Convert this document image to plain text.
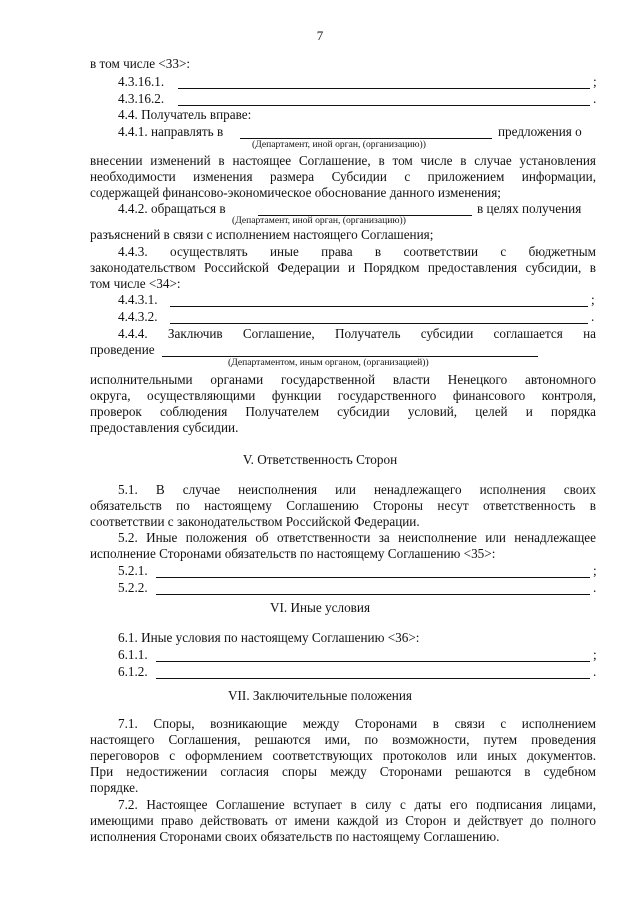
7
в том числе <33>:
4.3.16.1.	;
4.3.16.2.	.
4.4. Получатель вправе:
4.4.1. направлять в	предложения о
(Департамент, иной орган, (организацию))
внесении изменений в настоящее Соглашение, в том числе в случае установления
необходимости изменения размера Субсидии с приложением информации,
содержащей финансово-экономическое обоснование данного изменения;
4.4.2. обращаться в	в целях получения
(Департамент, иной орган, (организацию))
разъяснений в связи с исполнением настоящего Соглашения;
4.4.3. осуществлять иные права в соответствии с бюджетным
законодательством Российской Федерации и Порядком предоставления субсидии, в
том числе <34>:
4.4.3.1.	;
4.4.3.2.	.
4.4.4. Заключив Соглашение, Получатель субсидии соглашается на
проведение
(Департаментом, иным органом, (организацией))
исполнительными органами государственной власти Ненецкого автономного
округа, осуществляющими функции государственного финансового контроля,
проверок соблюдения Получателем субсидии условий, целей и порядка
предоставления субсидии.
V. Ответственность Сторон
5.1. В случае неисполнения или ненадлежащего исполнения своих
обязательств по настоящему Соглашению Стороны несут ответственность в
соответствии с законодательством Российской Федерации.
5.2. Иные положения об ответственности за неисполнение или ненадлежащее
исполнение Сторонами обязательств по настоящему Соглашению <35>:
5.2.1.	;
5.2.2.	.
VI. Иные условия
6.1. Иные условия по настоящему Соглашению <36>:
6.1.1.	;
6.1.2.	.
VII. Заключительные положения
7.1. Споры, возникающие между Сторонами в связи с исполнением
настоящего Соглашения, решаются ими, по возможности, путем проведения
переговоров с оформлением соответствующих протоколов или иных документов.
При недостижении согласия споры между Сторонами решаются в судебном
порядке.
7.2. Настоящее Соглашение вступает в силу с даты его подписания лицами,
имеющими право действовать от имени каждой из Сторон и действует до полного
исполнения Сторонами своих обязательств по настоящему Соглашению.
